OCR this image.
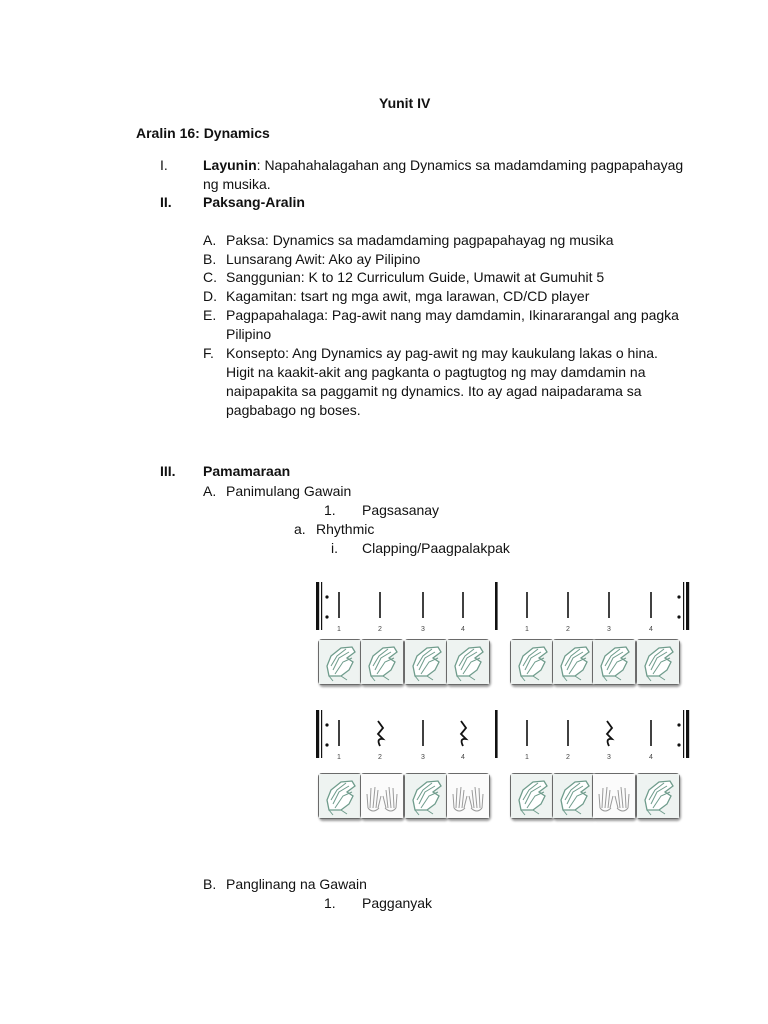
Yunit IV
Aralin 16: Dynamics
I.	Layunin: Napahahalagahan ang Dynamics sa madamdaming pagpapahayag
ng musika.
II. Paksang-Aralin
A. Paksa: Dynamics sa madamdaming pagpapahayag ng musika
B. Lunsarang Awit: Ako ay Pilipino
C. Sanggunian: K to 12 Curriculum Guide, Umawit at Gumuhit 5
D. Kagamitan: tsart ng mga awit, mga larawan, CD/CD player
E. Pagpapahalaga: Pag-awit nang may damdamin, Ikinararangal ang pagka
Pilipino
F. Konsepto: Ang Dynamics ay pag-awit ng may kaukulang lakas o hina.
Higit na kaakit-akit ang pagkanta o pagtugtog ng may damdamin na
naipapakita sa paggamit ng dynamics. Ito ay agad naipadarama sa
pagbabago ng boses.
III. Pamamaraan
A. Panimulang Gawain
1. Pagsasanay
a. Rhythmic
i. Clapping/Paagpalakpak
1	2	3	4	1	2	3	4
1	2	3	4	1	2	3	4
B. Panglinang na Gawain
1. Pagganyak
